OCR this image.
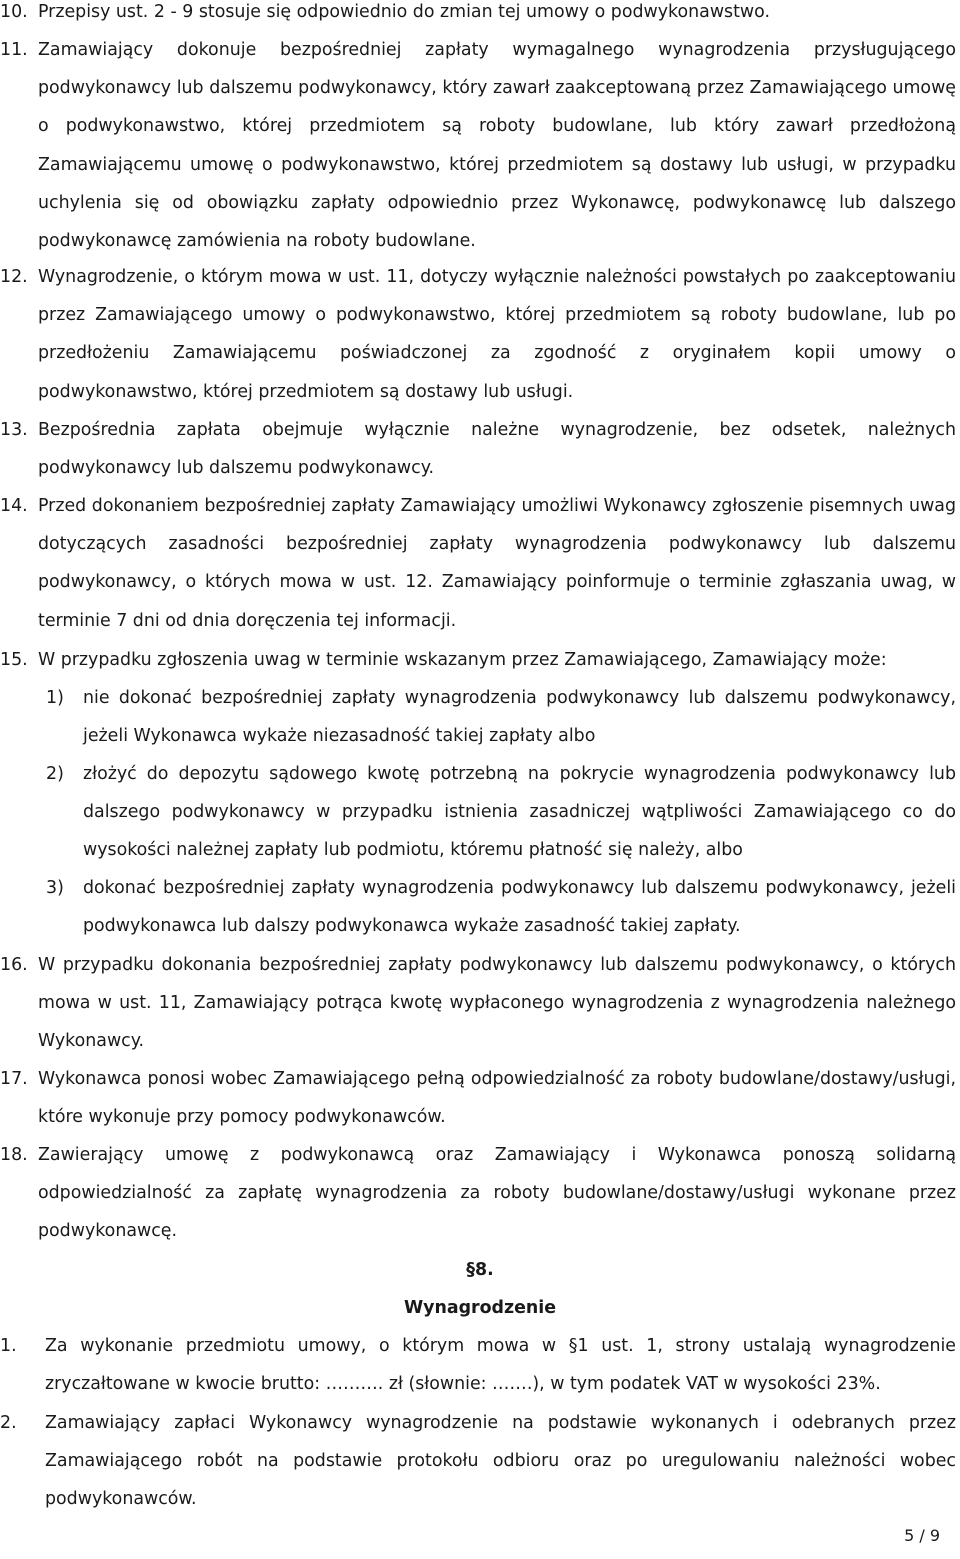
10. Przepisy ust. 2 - 9 stosuje się odpowiednio do zmian tej umowy o podwykonawstwo.
11. Zamawiający dokonuje bezpośredniej zapłaty wymagalnego wynagrodzenia przysługującego podwykonawcy lub dalszemu podwykonawcy, który zawarł zaakceptowaną przez Zamawiającego umowę o podwykonawstwo, której przedmiotem są roboty budowlane, lub który zawarł przedłożoną Zamawiającemu umowę o podwykonawstwo, której przedmiotem są dostawy lub usługi, w przypadku uchylenia się od obowiązku zapłaty odpowiednio przez Wykonawcę, podwykonawcę lub dalszego podwykonawcę zamówienia na roboty budowlane.
12. Wynagrodzenie, o którym mowa w ust. 11, dotyczy wyłącznie należności powstałych po zaakceptowaniu przez Zamawiającego umowy o podwykonawstwo, której przedmiotem są roboty budowlane, lub po przedłożeniu Zamawiającemu poświadczonej za zgodność z oryginałem kopii umowy o podwykonawstwo, której przedmiotem są dostawy lub usługi.
13. Bezpośrednia zapłata obejmuje wyłącznie należne wynagrodzenie, bez odsetek, należnych podwykonawcy lub dalszemu podwykonawcy.
14. Przed dokonaniem bezpośredniej zapłaty Zamawiający umożliwi Wykonawcy zgłoszenie pisemnych uwag dotyczących zasadności bezpośredniej zapłaty wynagrodzenia podwykonawcy lub dalszemu podwykonawcy, o których mowa w ust. 12. Zamawiający poinformuje o terminie zgłaszania uwag, w terminie 7 dni od dnia doręczenia tej informacji.
15. W przypadku zgłoszenia uwag w terminie wskazanym przez Zamawiającego, Zamawiający może:
1) nie dokonać bezpośredniej zapłaty wynagrodzenia podwykonawcy lub dalszemu podwykonawcy, jeżeli Wykonawca wykaże niezasadność takiej zapłaty albo
2) złożyć do depozytu sądowego kwotę potrzebną na pokrycie wynagrodzenia podwykonawcy lub dalszego podwykonawcy w przypadku istnienia zasadniczej wątpliwości Zamawiającego co do wysokości należnej zapłaty lub podmiotu, któremu płatność się należy, albo
3) dokonać bezpośredniej zapłaty wynagrodzenia podwykonawcy lub dalszemu podwykonawcy, jeżeli podwykonawca lub dalszy podwykonawca wykaże zasadność takiej zapłaty.
16. W przypadku dokonania bezpośredniej zapłaty podwykonawcy lub dalszemu podwykonawcy, o których mowa w ust. 11, Zamawiający potrąca kwotę wypłaconego wynagrodzenia z wynagrodzenia należnego Wykonawcy.
17. Wykonawca ponosi wobec Zamawiającego pełną odpowiedzialność za roboty budowlane/dostawy/usługi, które wykonuje przy pomocy podwykonawców.
18. Zawierający umowę z podwykonawcą oraz Zamawiający i Wykonawca ponoszą solidarną odpowiedzialność za zapłatę wynagrodzenia za roboty budowlane/dostawy/usługi wykonane przez podwykonawcę.
§8.
Wynagrodzenie
1. Za wykonanie przedmiotu umowy, o którym mowa w §1 ust. 1, strony ustalają wynagrodzenie zryczałtowane w kwocie brutto: ………. zł (słownie: …….), w tym podatek VAT w wysokości 23%.
2. Zamawiający zapłaci Wykonawcy wynagrodzenie na podstawie wykonanych i odebranych przez Zamawiającego robót na podstawie protokołu odbioru oraz po uregulowaniu należności wobec podwykonawców.
5 / 9
